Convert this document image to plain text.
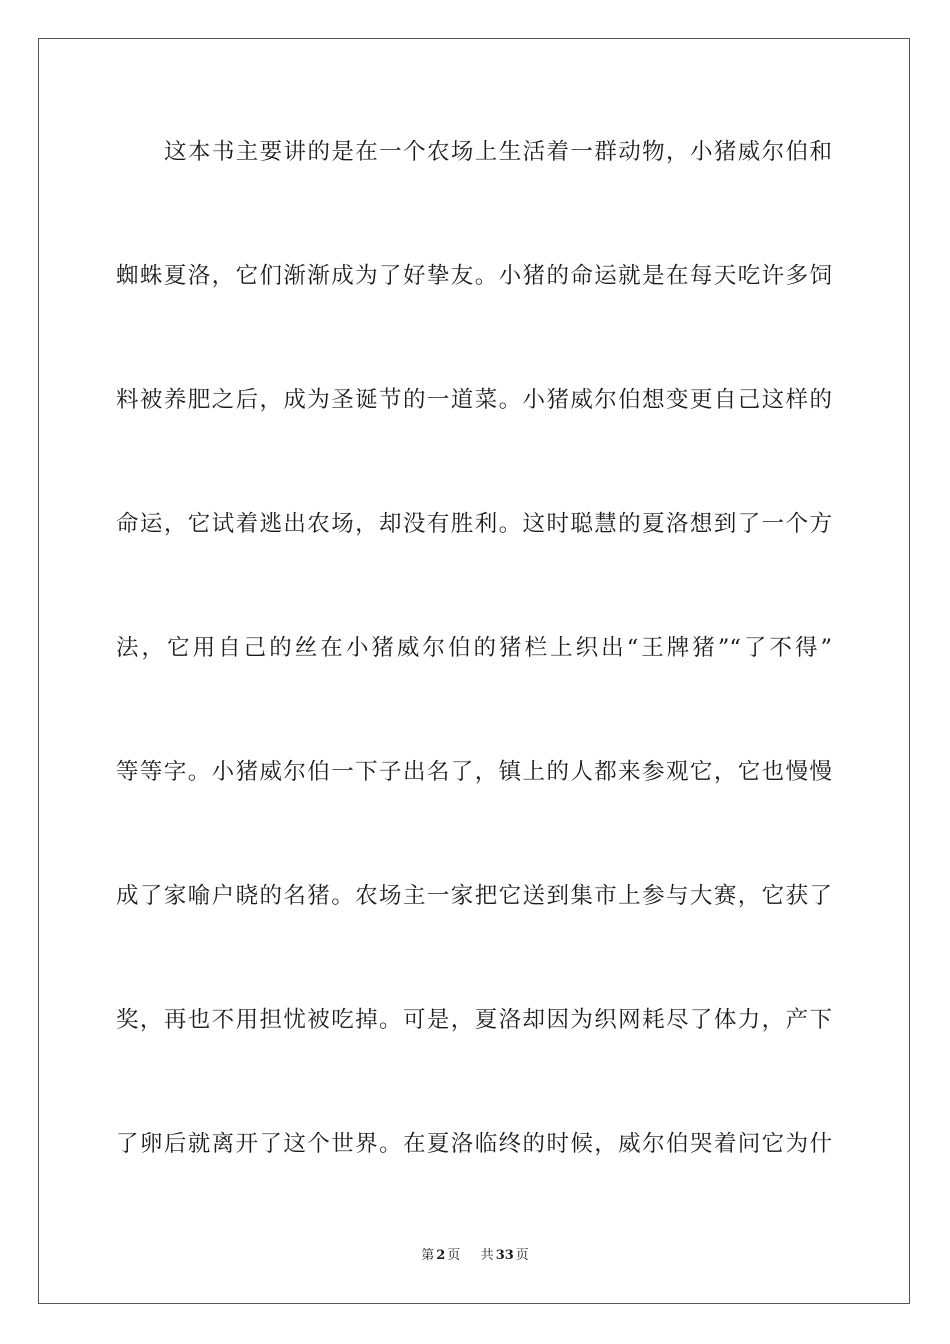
这本书主要讲的是在一个农场上生活着一群动物，小猪威尔伯和
蜘蛛夏洛，它们渐渐成为了好挚友。小猪的命运就是在每天吃许多饲
料被养肥之后，成为圣诞节的一道菜。小猪威尔伯想变更自己这样的
命运，它试着逃出农场，却没有胜利。这时聪慧的夏洛想到了一个方
法，它用自己的丝在小猪威尔伯的猪栏上织出“王牌猪”“了不得”
等等字。小猪威尔伯一下子出名了，镇上的人都来参观它，它也慢慢
成了家喻户晓的名猪。农场主一家把它送到集市上参与大赛，它获了
奖，再也不用担忧被吃掉。可是，夏洛却因为织网耗尽了体力，产下
了卵后就离开了这个世界。在夏洛临终的时候，威尔伯哭着问它为什
第 2 页 共 33 页
